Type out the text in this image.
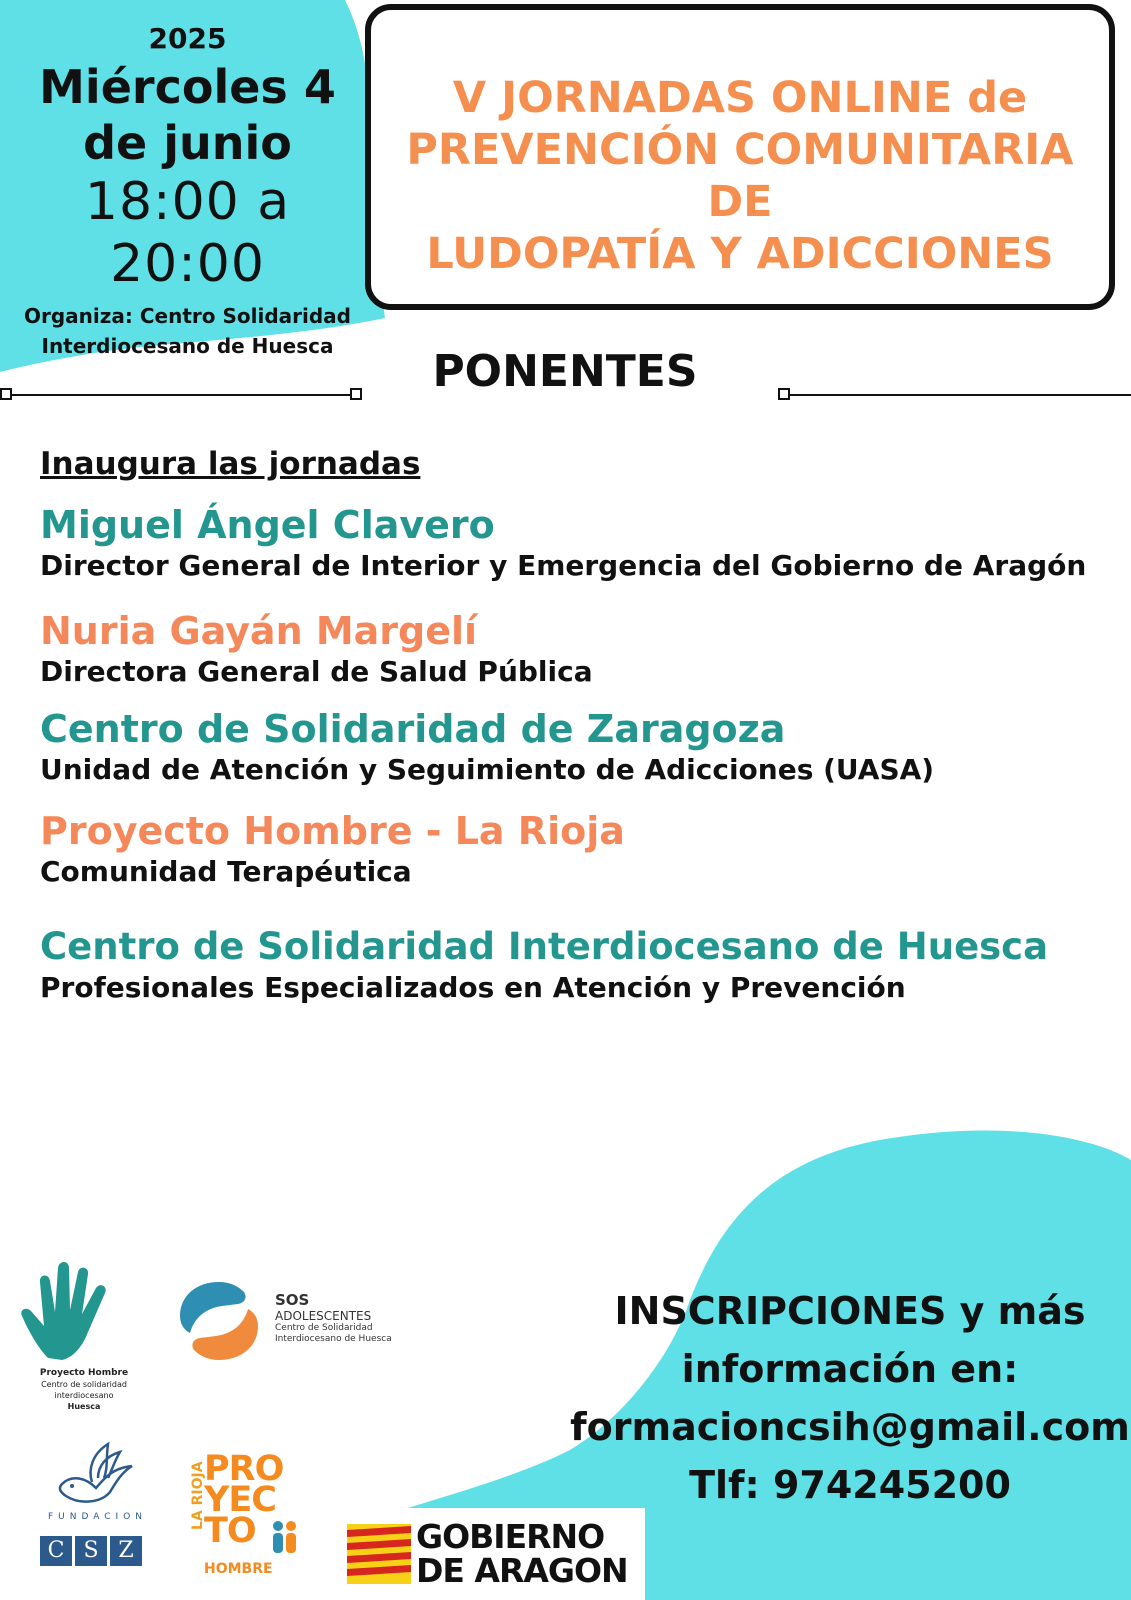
2025
Miércoles 4
de junio
18:00 a 20:00
Organiza: Centro Solidaridad
Interdiocesano de Huesca
V JORNADAS ONLINE de
PREVENCIÓN COMUNITARIA DE
LUDOPATÍA Y ADICCIONES
PONENTES
Inaugura las jornadas
Miguel Ángel Clavero
Director General de Interior y Emergencia del Gobierno de Aragón
Nuria Gayán Margelí
Directora General de Salud Pública
Centro de Solidaridad de Zaragoza
Unidad de Atención y Seguimiento de Adicciones (UASA)
Proyecto Hombre - La Rioja
Comunidad Terapéutica
Centro de Solidaridad Interdiocesano de Huesca
Profesionales Especializados en Atención y Prevención
INSCRIPCIONES y más
información en:
formacioncsih@gmail.com
Tlf: 974245200
Proyecto Hombre
Centro de solidaridad interdiocesano
Huesca
SOS
ADOLESCENTES
Centro de Solidaridad
Interdiocesano de Huesca
FUNDACION
C S Z
LA RIOJA
PRO
YEC
TO
HOMBRE
GOBIERNO
DE ARAGON
